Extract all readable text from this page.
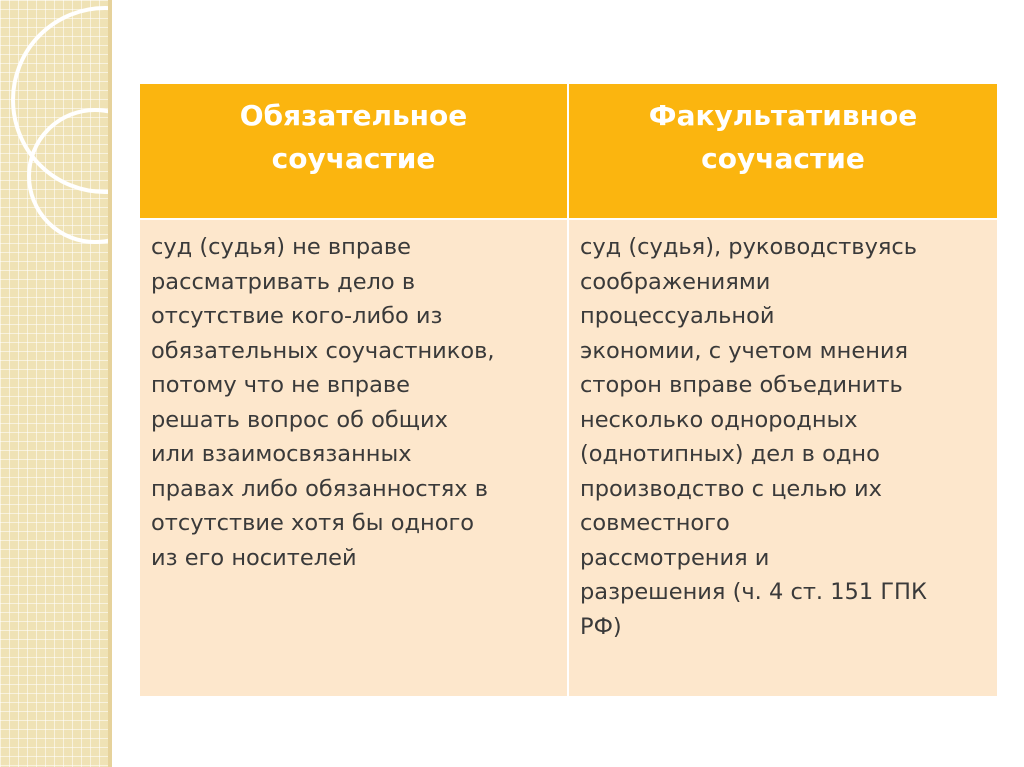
Обязательное
соучастие
Факультативное
соучастие
суд (судья) не вправе
рассматривать дело в
отсутствие кого-либо из
обязательных соучастников,
потому что не вправе
решать вопрос об общих
или взаимосвязанных
правах либо обязанностях в
отсутствие хотя бы одного
из его носителей
суд (судья), руководствуясь
соображениями
процессуальной
экономии, с учетом мнения
сторон вправе объединить
несколько однородных
(однотипных) дел в одно
производство с целью их
совместного
рассмотрения и
разрешения (ч. 4 ст. 151 ГПК
РФ)
